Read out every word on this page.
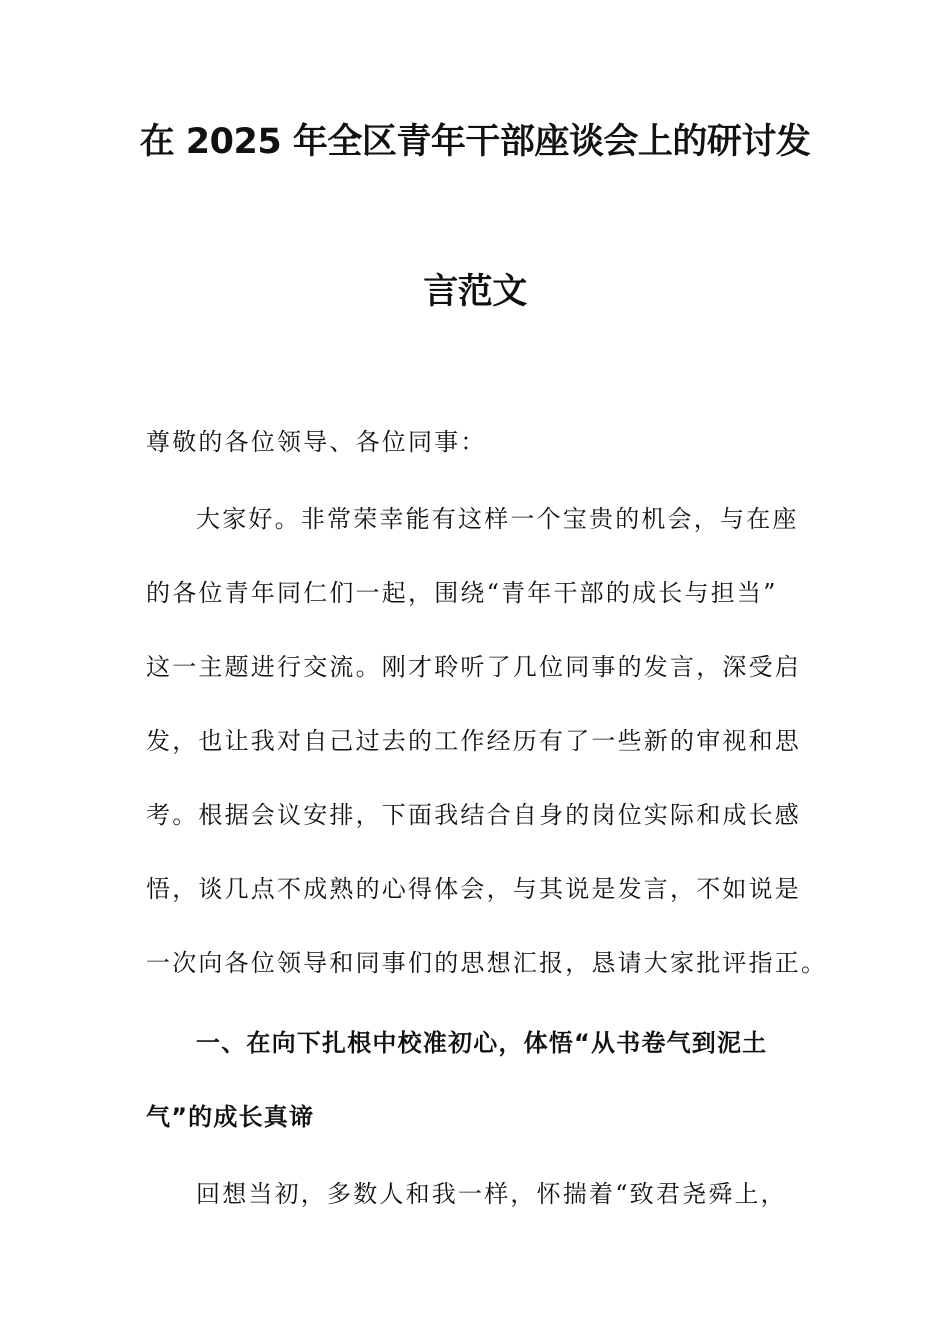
在 2025 年全区青年干部座谈会上的研讨发
言范文
尊敬的各位领导、各位同事：
大家好。非常荣幸能有这样一个宝贵的机会，与在座
的各位青年同仁们一起，围绕“青年干部的成长与担当”
这一主题进行交流。刚才聆听了几位同事的发言，深受启
发，也让我对自己过去的工作经历有了一些新的审视和思
考。根据会议安排，下面我结合自身的岗位实际和成长感
悟，谈几点不成熟的心得体会，与其说是发言，不如说是
一次向各位领导和同事们的思想汇报，恳请大家批评指正。
一、在向下扎根中校准初心，体悟“从书卷气到泥土
气”的成长真谛
回想当初，多数人和我一样，怀揣着“致君尧舜上，
